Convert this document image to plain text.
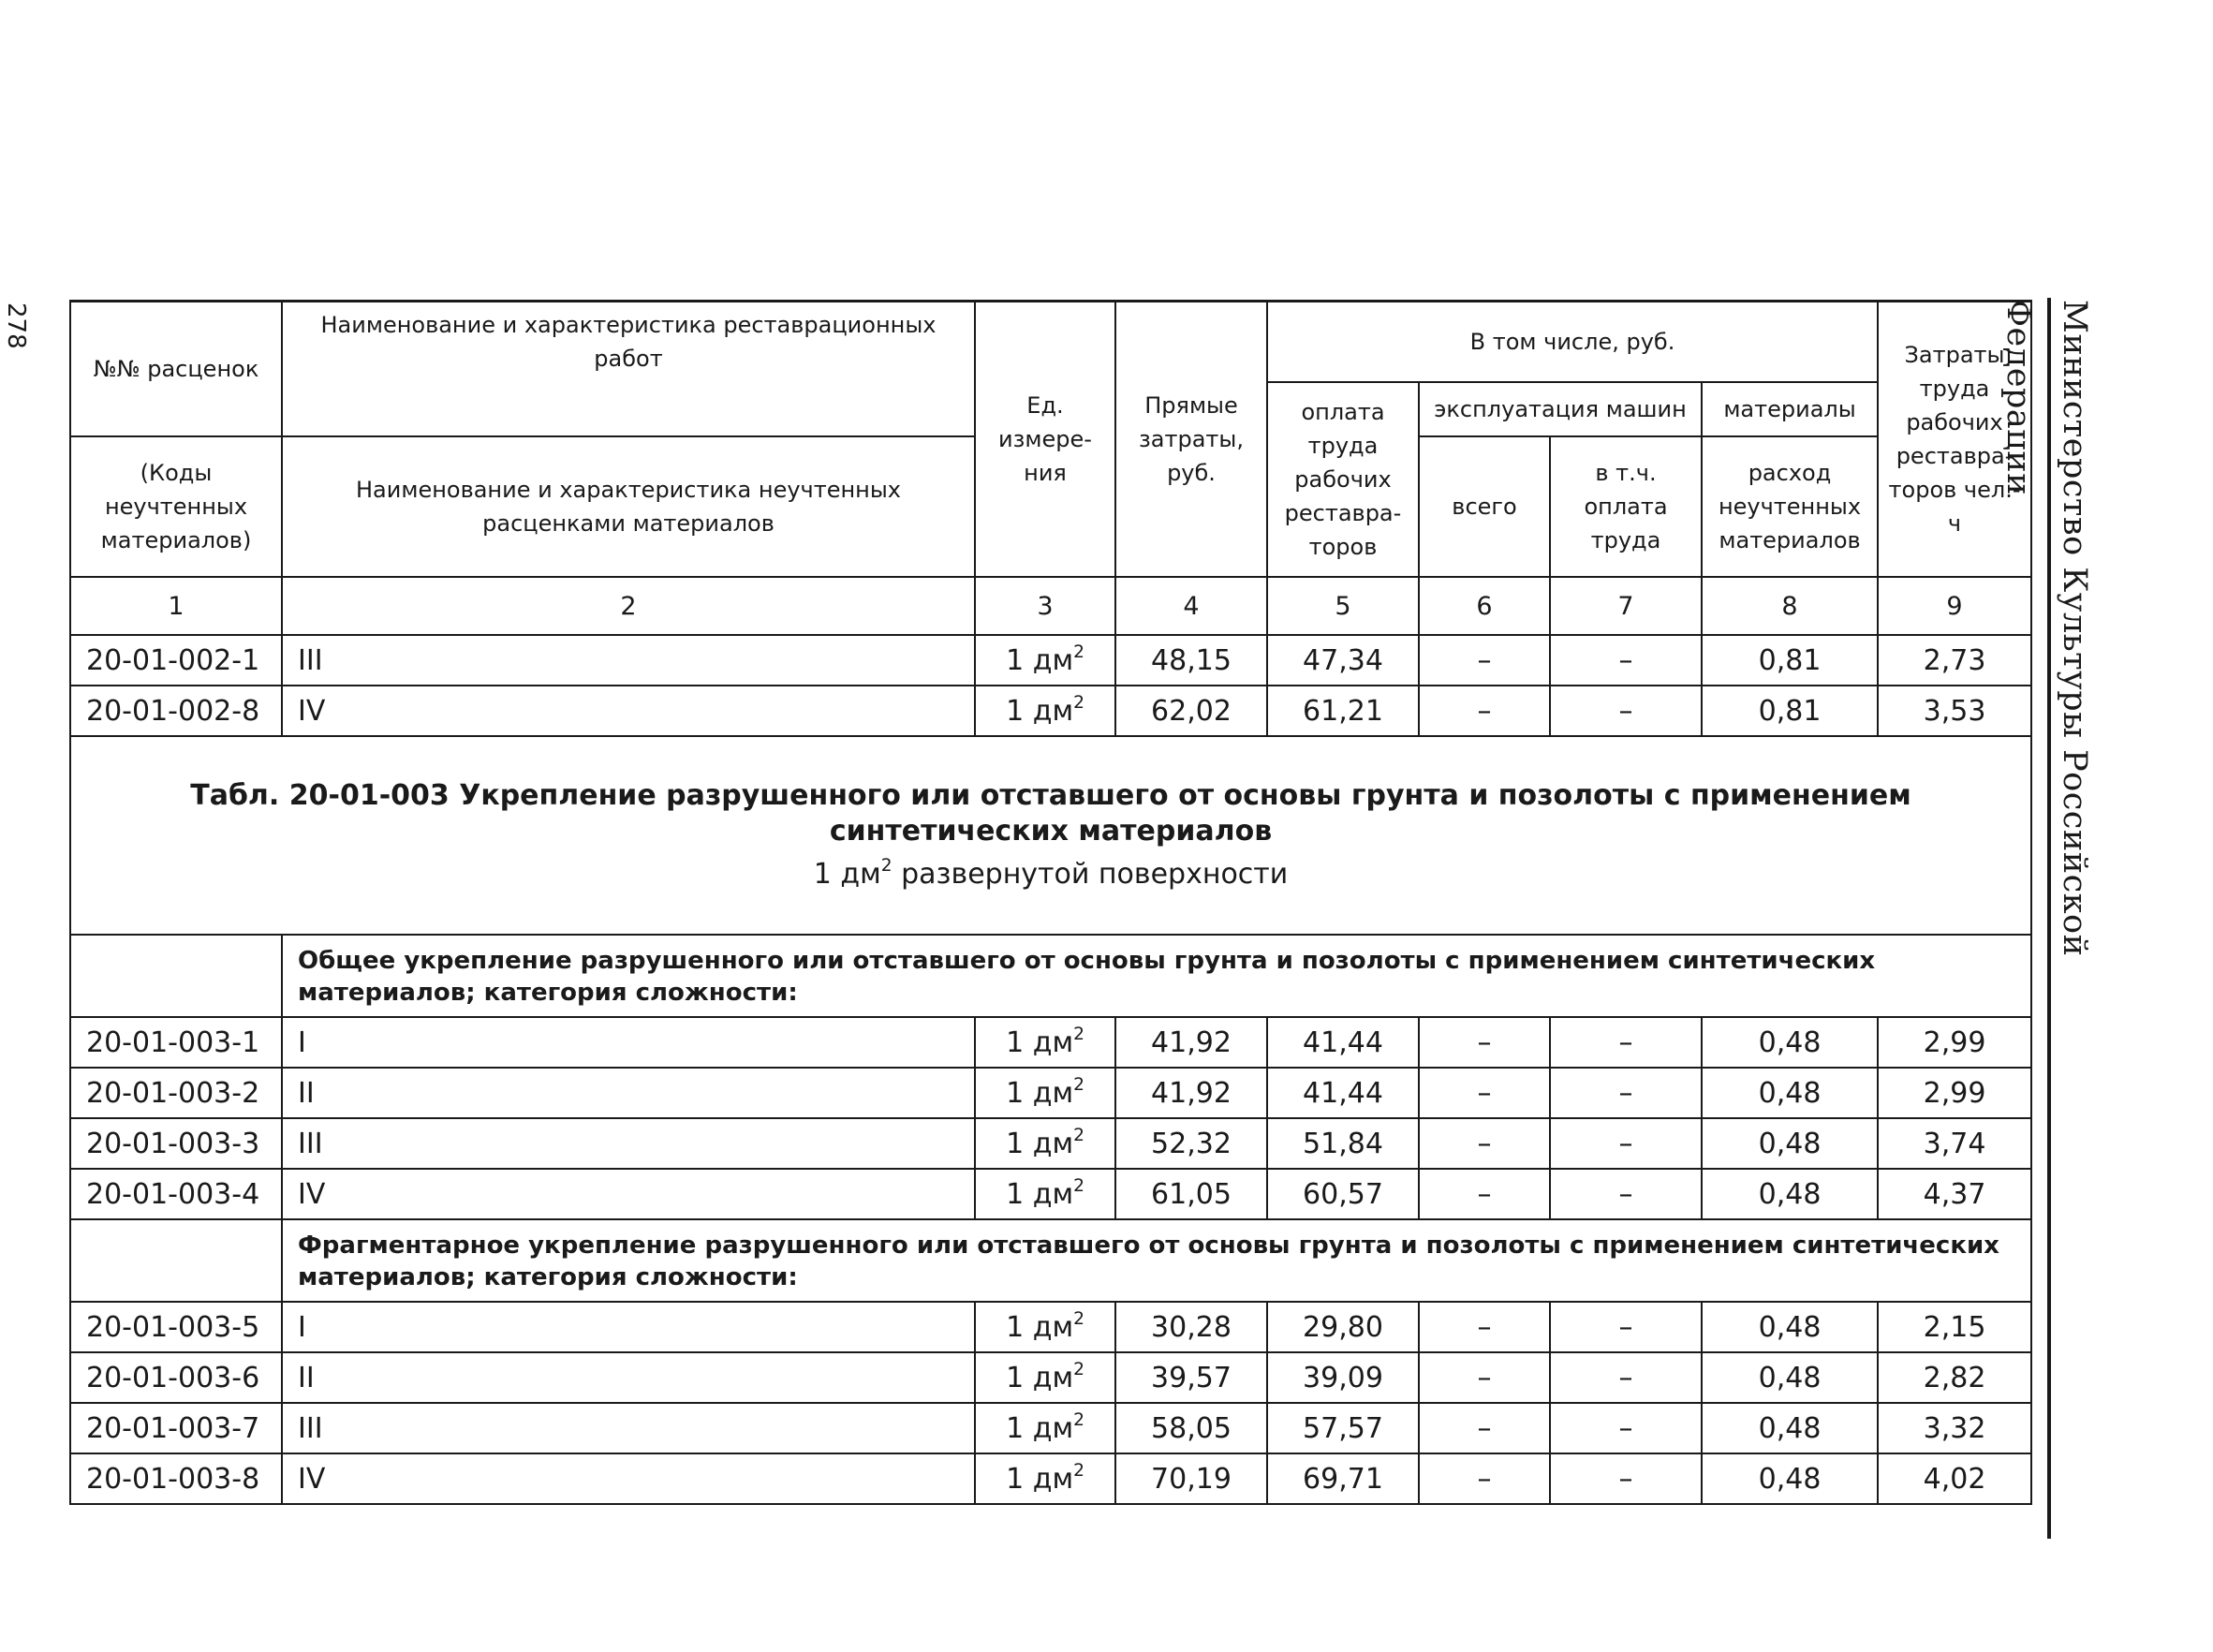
278	Министерство Культуры Российской Федерации
№№ расценок	Наименование и характеристика реставрационных работ	Ед. измере-ния	Прямые затраты, руб.	В том числе, руб.				Затраты труда рабочих реставра-торов чел.-ч
				оплата труда рабочих реставра-торов	эксплуатация машин		материалы	
(Коды неучтенных материалов)	Наименование и характеристика неучтенных расценками материалов				всего	в т.ч. оплата труда	расход неучтенных материалов	

1	2	3	4	5	6	7	8	9
20-01-002-1	III	1 $дм^2$	48,15	47,34	–	–	0,81	2,73
20-01-002-8	IV	1 $дм^2$	62,02	61,21	–	–	0,81	3,53

Табл. 20-01-003 Укрепление разрушенного или отставшего от основы грунта и позолоты с применением синтетических материалов
1 $дм^2$ развернутой поверхности								

	Общее укрепление разрушенного или отставшего от основы грунта и позолоты с применением синтетических материалов; категория сложности:							
20-01-003-1	I	1 $дм^2$	41,92	41,44	–	–	0,48	2,99
20-01-003-2	II	1 $дм^2$	41,92	41,44	–	–	0,48	2,99
20-01-003-3	III	1 $дм^2$	52,32	51,84	–	–	0,48	3,74
20-01-003-4	IV	1 $дм^2$	61,05	60,57	–	–	0,48	4,37
	Фрагментарное укрепление разрушенного или отставшего от основы грунта и позолоты с применением синтетических материалов; категория сложности:							
20-01-003-5	I	1 $дм^2$	30,28	29,80	–	–	0,48	2,15
20-01-003-6	II	1 $дм^2$	39,57	39,09	–	–	0,48	2,82
20-01-003-7	III	1 $дм^2$	58,05	57,57	–	–	0,48	3,32
20-01-003-8	IV	1 $дм^2$	70,19	69,71	–	–	0,48	4,02
